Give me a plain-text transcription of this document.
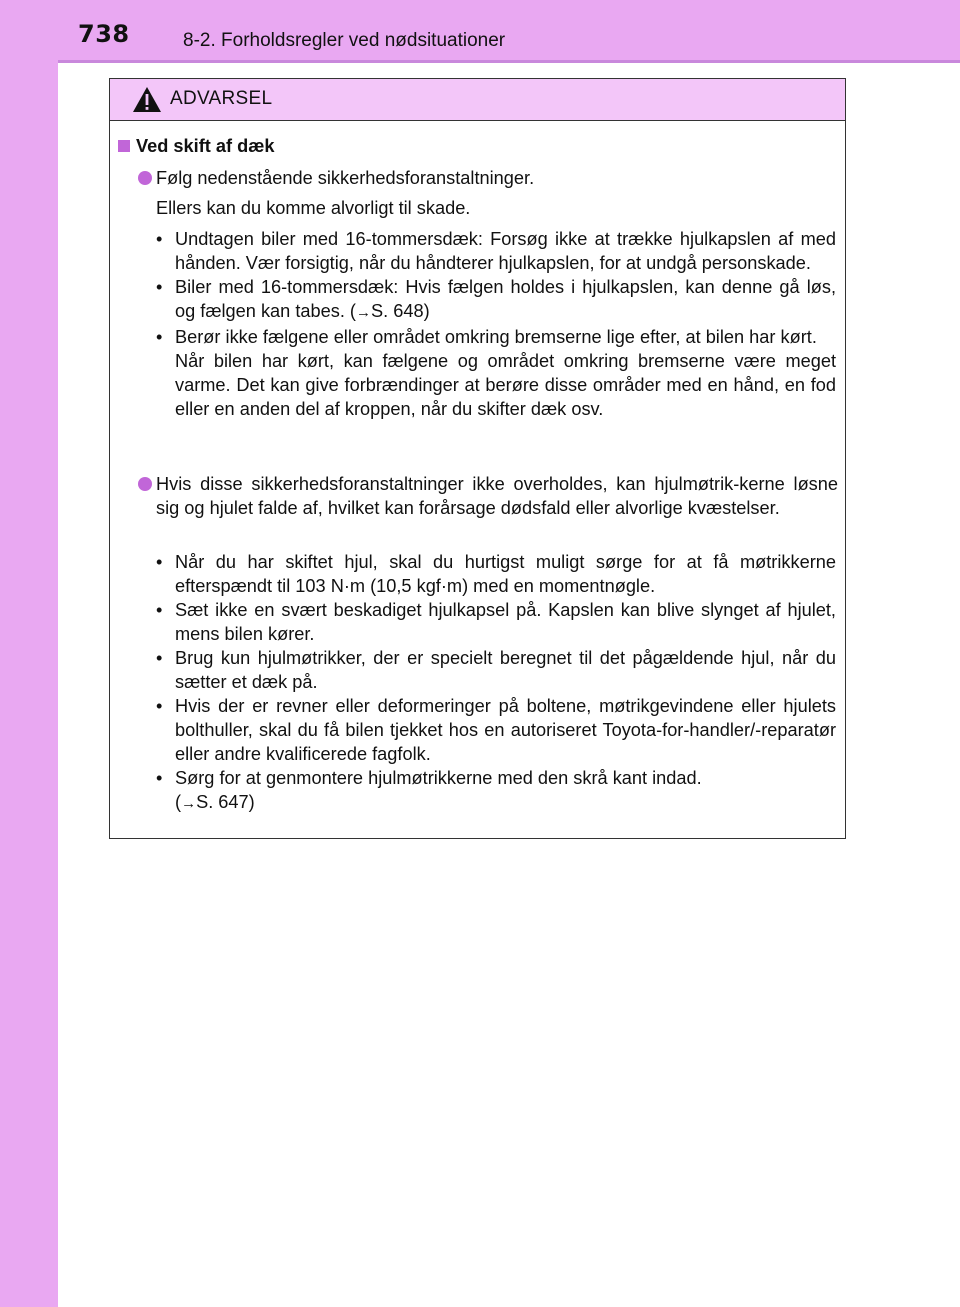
738	8-2. Forholdsregler ved nødsituationer
ADVARSEL
Ved skift af dæk
Følg nedenstående sikkerhedsforanstaltninger.
Ellers kan du komme alvorligt til skade.
• Undtagen biler med 16-tommersdæk: Forsøg ikke at trække hjulkapslen af med hånden. Vær forsigtig, når du håndterer hjulkapslen, for at undgå personskade.
• Biler med 16-tommersdæk: Hvis fælgen holdes i hjulkapslen, kan denne gå løs, og fælgen kan tabes. (→S. 648)
• Berør ikke fælgene eller området omkring bremserne lige efter, at bilen har kørt.
Når bilen har kørt, kan fælgene og området omkring bremserne være meget varme. Det kan give forbrændinger at berøre disse områder med en hånd, en fod eller en anden del af kroppen, når du skifter dæk osv.
Hvis disse sikkerhedsforanstaltninger ikke overholdes, kan hjulmøtrik-kerne løsne sig og hjulet falde af, hvilket kan forårsage dødsfald eller alvorlige kvæstelser.
• Når du har skiftet hjul, skal du hurtigst muligt sørge for at få møtrikkerne efterspændt til 103 N·m (10,5 kgf·m) med en momentnøgle.
• Sæt ikke en svært beskadiget hjulkapsel på. Kapslen kan blive slynget af hjulet, mens bilen kører.
• Brug kun hjulmøtrikker, der er specielt beregnet til det pågældende hjul, når du sætter et dæk på.
• Hvis der er revner eller deformeringer på boltene, møtrikgevindene eller hjulets bolthuller, skal du få bilen tjekket hos en autoriseret Toyota-for-handler/-reparatør eller andre kvalificerede fagfolk.
• Sørg for at genmontere hjulmøtrikkerne med den skrå kant indad.
(→S. 647)
